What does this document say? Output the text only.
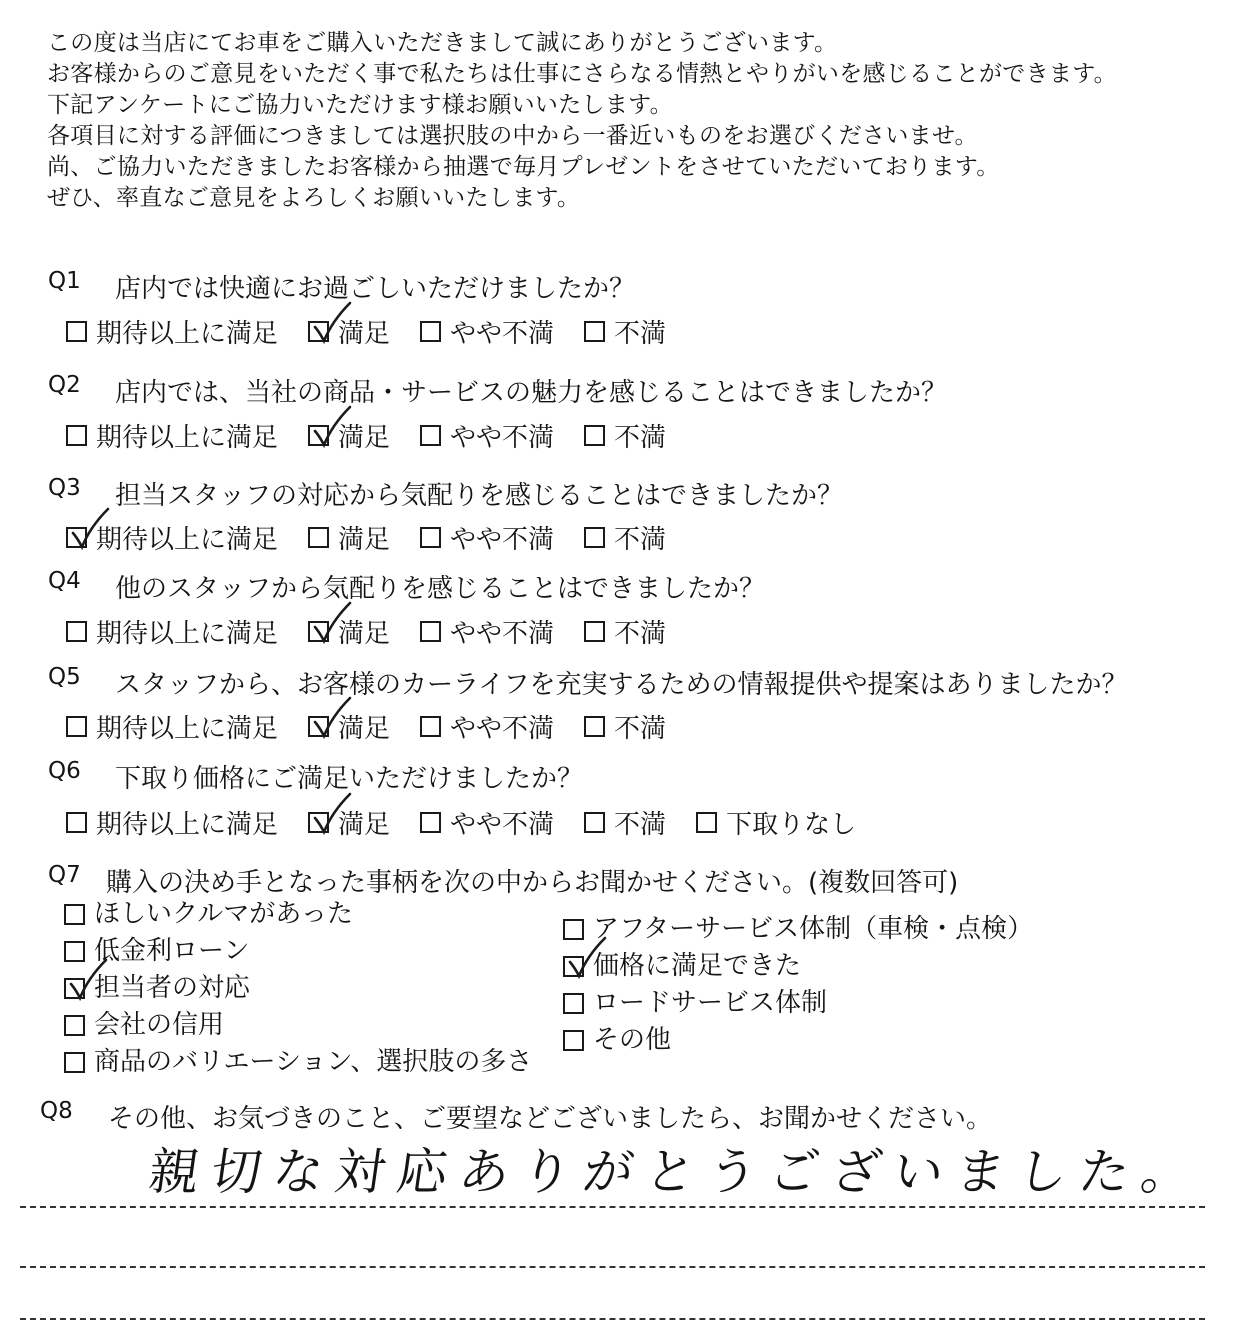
この度は当店にてお車をご購入いただきまして誠にありがとうございます。
お客様からのご意見をいただく事で私たちは仕事にさらなる情熱とやりがいを感じることができます。
下記アンケートにご協力いただけます様お願いいたします。
各項目に対する評価につきましては選択肢の中から一番近いものをお選びくださいませ。
尚、ご協力いただきましたお客様から抽選で毎月プレゼントをさせていただいております。
ぜひ、率直なご意見をよろしくお願いいたします。
Q1 店内では快適にお過ごしいただけましたか？
期待以上に満足 満足 やや不満 不満
Q2 店内では、当社の商品・サービスの魅力を感じることはできましたか？
期待以上に満足 満足 やや不満 不満
Q3 担当スタッフの対応から気配りを感じることはできましたか？
期待以上に満足 満足 やや不満 不満
Q4 他のスタッフから気配りを感じることはできましたか？
期待以上に満足 満足 やや不満 不満
Q5 スタッフから、お客様のカーライフを充実するための情報提供や提案はありましたか？
期待以上に満足 満足 やや不満 不満
Q6 下取り価格にご満足いただけましたか？
期待以上に満足 満足 やや不満 不満 下取りなし
Q7 購入の決め手となった事柄を次の中からお聞かせください。(複数回答可)
ほしいクルマがあった
低金利ローン
担当者の対応
会社の信用
商品のバリエーション、選択肢の多さ
アフターサービス体制（車検・点検）
価格に満足できた
ロードサービス体制
その他
Q8 その他、お気づきのこと、ご要望などございましたら、お聞かせください。
親切な対応ありがとうございました。
